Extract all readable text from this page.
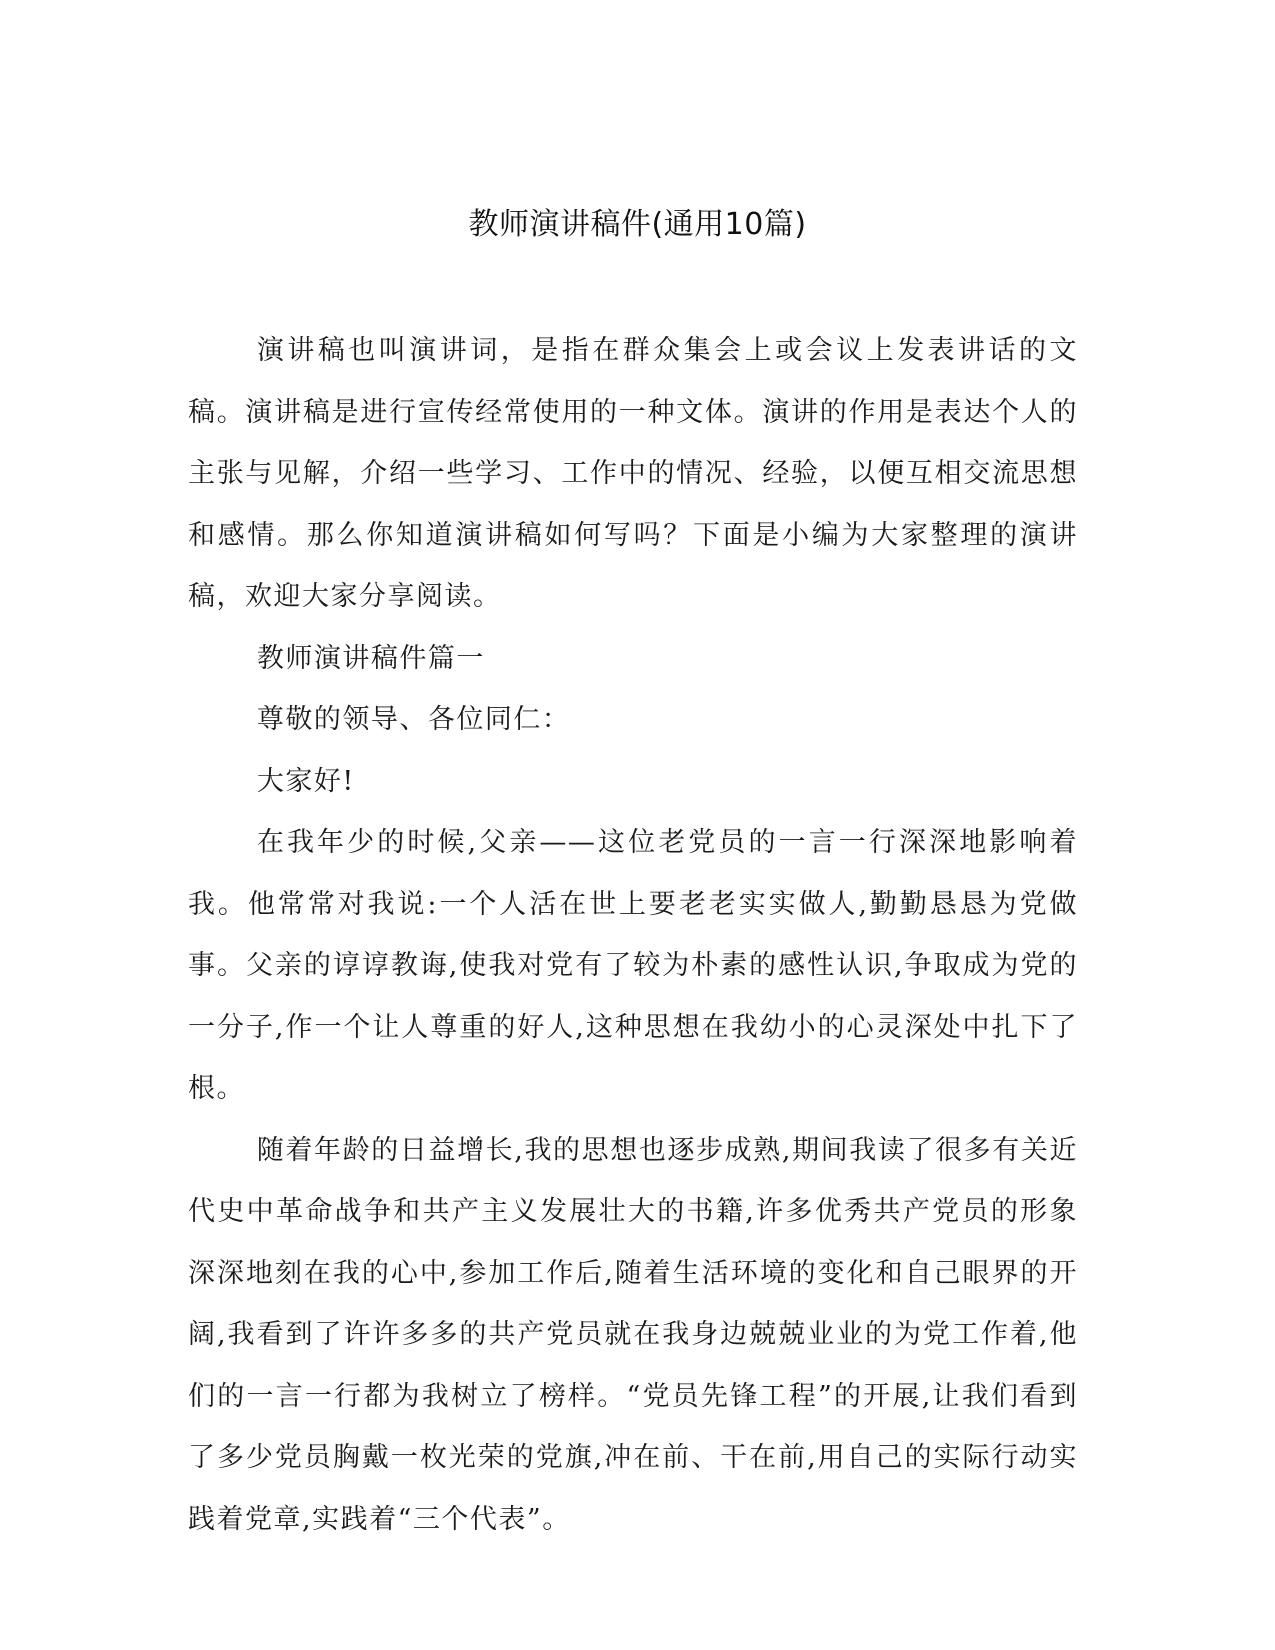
教师演讲稿件(通用10篇)

演讲稿也叫演讲词，是指在群众集会上或会议上发表讲话的文稿。演讲稿是进行宣传经常使用的一种文体。演讲的作用是表达个人的主张与见解，介绍一些学习、工作中的情况、经验，以便互相交流思想和感情。那么你知道演讲稿如何写吗？下面是小编为大家整理的演讲稿，欢迎大家分享阅读。

教师演讲稿件篇一

尊敬的领导、各位同仁：

大家好!

在我年少的时候,父亲——这位老党员的一言一行深深地影响着我。他常常对我说:一个人活在世上要老老实实做人,勤勤恳恳为党做事。父亲的谆谆教诲,使我对党有了较为朴素的感性认识,争取成为党的一分子,作一个让人尊重的好人,这种思想在我幼小的心灵深处中扎下了根。

随着年龄的日益增长,我的思想也逐步成熟,期间我读了很多有关近代史中革命战争和共产主义发展壮大的书籍,许多优秀共产党员的形象深深地刻在我的心中,参加工作后,随着生活环境的变化和自己眼界的开阔,我看到了许许多多的共产党员就在我身边兢兢业业的为党工作着,他们的一言一行都为我树立了榜样。“党员先锋工程”的开展,让我们看到了多少党员胸戴一枚光荣的党旗,冲在前、干在前,用自己的实际行动实践着党章,实践着“三个代表”。
